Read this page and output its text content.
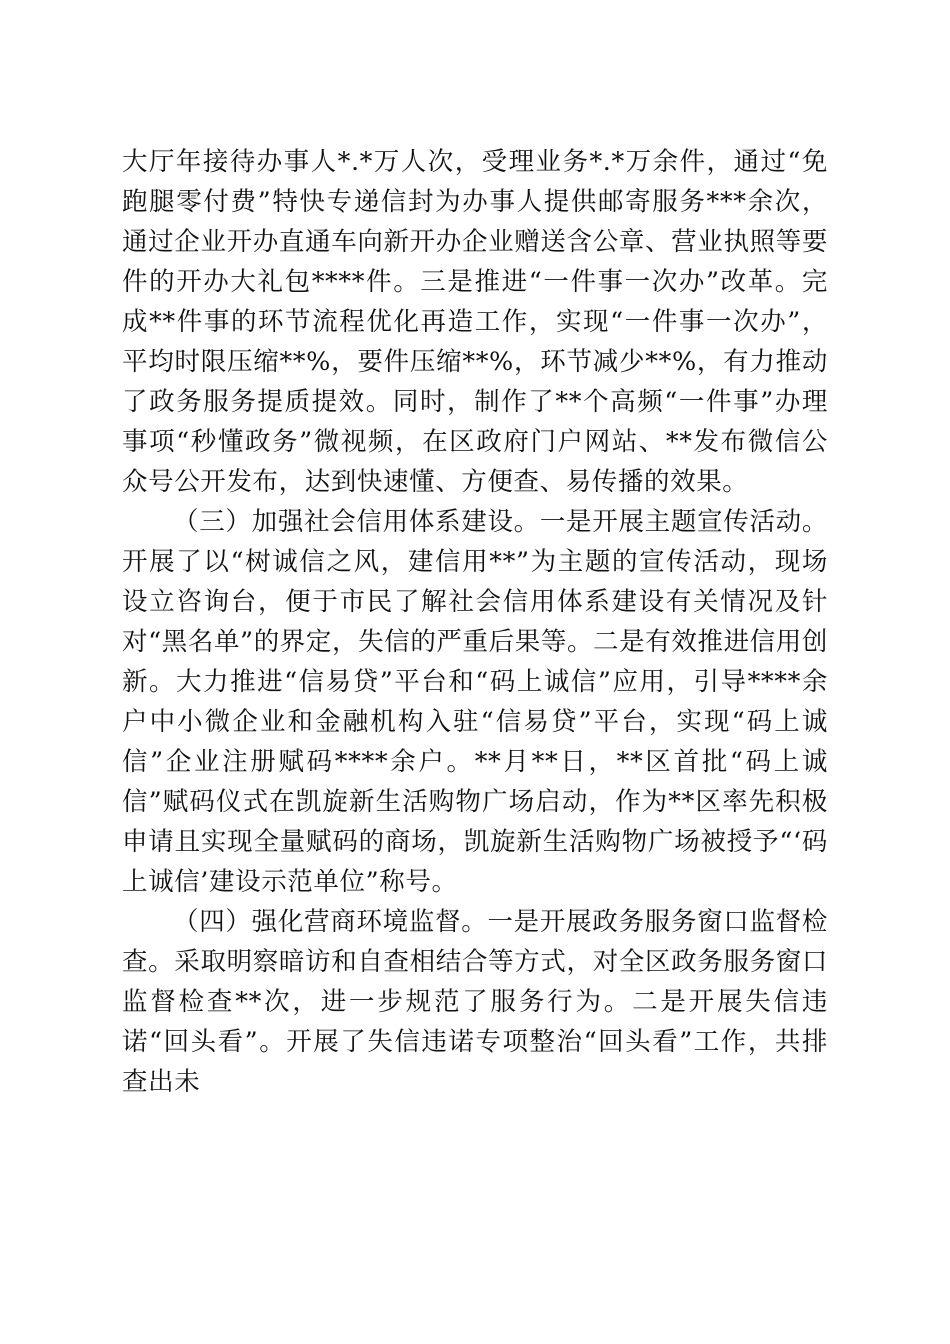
大厅年接待办事人*.*万人次，受理业务*.*万余件，通过“免跑腿零付费”特快专递信封为办事人提供邮寄服务***余次，通过企业开办直通车向新开办企业赠送含公章、营业执照等要件的开办大礼包****件。三是推进“一件事一次办”改革。完成**件事的环节流程优化再造工作，实现“一件事一次办”，平均时限压缩**%，要件压缩**%，环节减少**%，有力推动了政务服务提质提效。同时，制作了**个高频“一件事”办理事项“秒懂政务”微视频，在区政府门户网站、**发布微信公众号公开发布，达到快速懂、方便查、易传播的效果。

（三）加强社会信用体系建设。一是开展主题宣传活动。开展了以“树诚信之风，建信用**”为主题的宣传活动，现场设立咨询台，便于市民了解社会信用体系建设有关情况及针对“黑名单”的界定，失信的严重后果等。二是有效推进信用创新。大力推进“信易贷”平台和“码上诚信”应用，引导****余户中小微企业和金融机构入驻“信易贷”平台，实现“码上诚信”企业注册赋码****余户。**月**日，**区首批“码上诚信”赋码仪式在凯旋新生活购物广场启动，作为**区率先积极申请且实现全量赋码的商场，凯旋新生活购物广场被授予“‘码上诚信’建设示范单位”称号。

（四）强化营商环境监督。一是开展政务服务窗口监督检查。采取明察暗访和自查相结合等方式，对全区政务服务窗口监督检查**次，进一步规范了服务行为。二是开展失信违诺“回头看”。开展了失信违诺专项整治“回头看”工作，共排查出未
